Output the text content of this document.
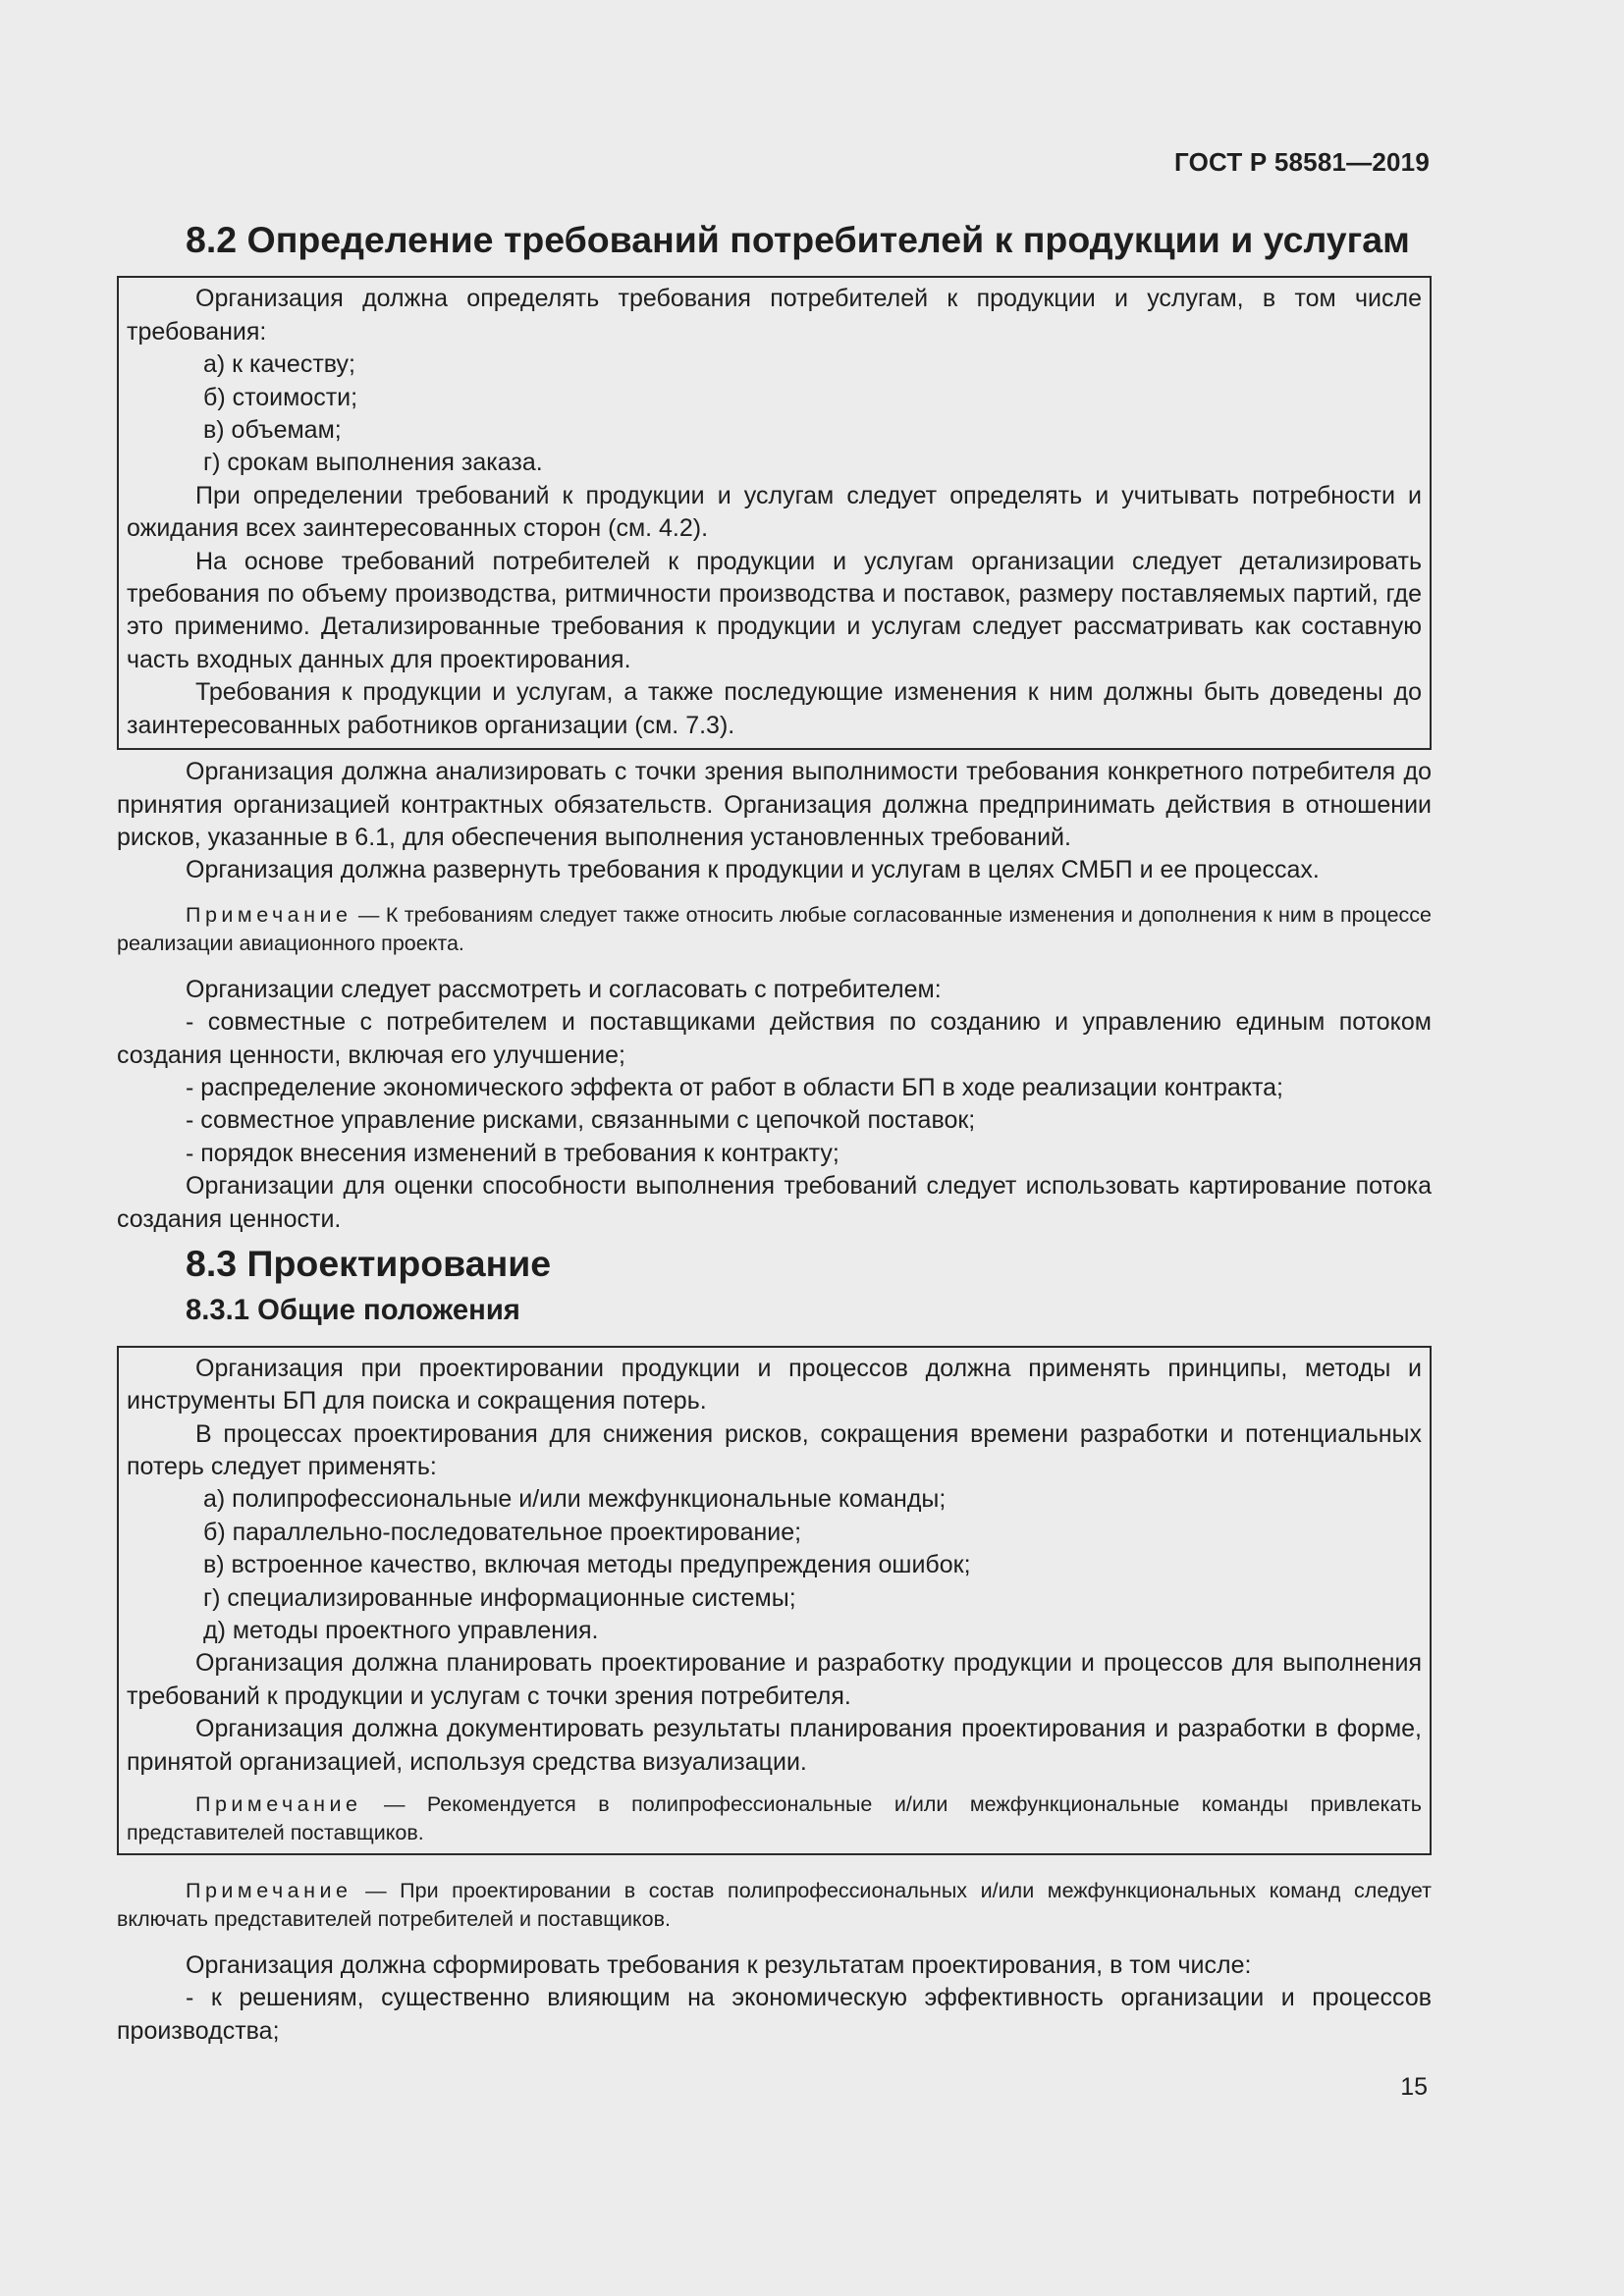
ГОСТ Р 58581—2019
8.2 Определение требований потребителей к продукции и услугам

Организация должна определять требования потребителей к продукции и услугам, в том числе требования:

а) к качеству;

б) стоимости;

в) объемам;

г) срокам выполнения заказа.

При определении требований к продукции и услугам следует определять и учитывать потребности и ожидания всех заинтересованных сторон (см. 4.2).

На основе требований потребителей к продукции и услугам организации следует детализировать требования по объему производства, ритмичности производства и поставок, размеру поставляемых партий, где это применимо. Детализированные требования к продукции и услугам следует рассматривать как составную часть входных данных для проектирования.

Требования к продукции и услугам, а также последующие изменения к ним должны быть доведены до заинтересованных работников организации (см. 7.3).

Организация должна анализировать с точки зрения выполнимости требования конкретного потребителя до принятия организацией контрактных обязательств. Организация должна предпринимать действия в отношении рисков, указанные в 6.1, для обеспечения выполнения установленных требований.

Организация должна развернуть требования к продукции и услугам в целях СМБП и ее процессах.

Примечание — К требованиям следует также относить любые согласованные изменения и дополнения к ним в процессе реализации авиационного проекта.

Организации следует рассмотреть и согласовать с потребителем:

- совместные с потребителем и поставщиками действия по созданию и управлению единым потоком создания ценности, включая его улучшение;

- распределение экономического эффекта от работ в области БП в ходе реализации контракта;

- совместное управление рисками, связанными с цепочкой поставок;

- порядок внесения изменений в требования к контракту;

Организации для оценки способности выполнения требований следует использовать картирование потока создания ценности.

8.3 Проектирование
8.3.1 Общие положения

Организация при проектировании продукции и процессов должна применять принципы, методы и инструменты БП для поиска и сокращения потерь.

В процессах проектирования для снижения рисков, сокращения времени разработки и потенциальных потерь следует применять:

а) полипрофессиональные и/или межфункциональные команды;

б) параллельно-последовательное проектирование;

в) встроенное качество, включая методы предупреждения ошибок;

г) специализированные информационные системы;

д) методы проектного управления.

Организация должна планировать проектирование и разработку продукции и процессов для выполнения требований к продукции и услугам с точки зрения потребителя.

Организация должна документировать результаты планирования проектирования и разработки в форме, принятой организацией, используя средства визуализации.

Примечание — Рекомендуется в полипрофессиональные и/или межфункциональные команды привлекать представителей поставщиков.

Примечание — При проектировании в состав полипрофессиональных и/или межфункциональных команд следует включать представителей потребителей и поставщиков.

Организация должна сформировать требования к результатам проектирования, в том числе:

- к решениям, существенно влияющим на экономическую эффективность организации и процессов производства;

15
